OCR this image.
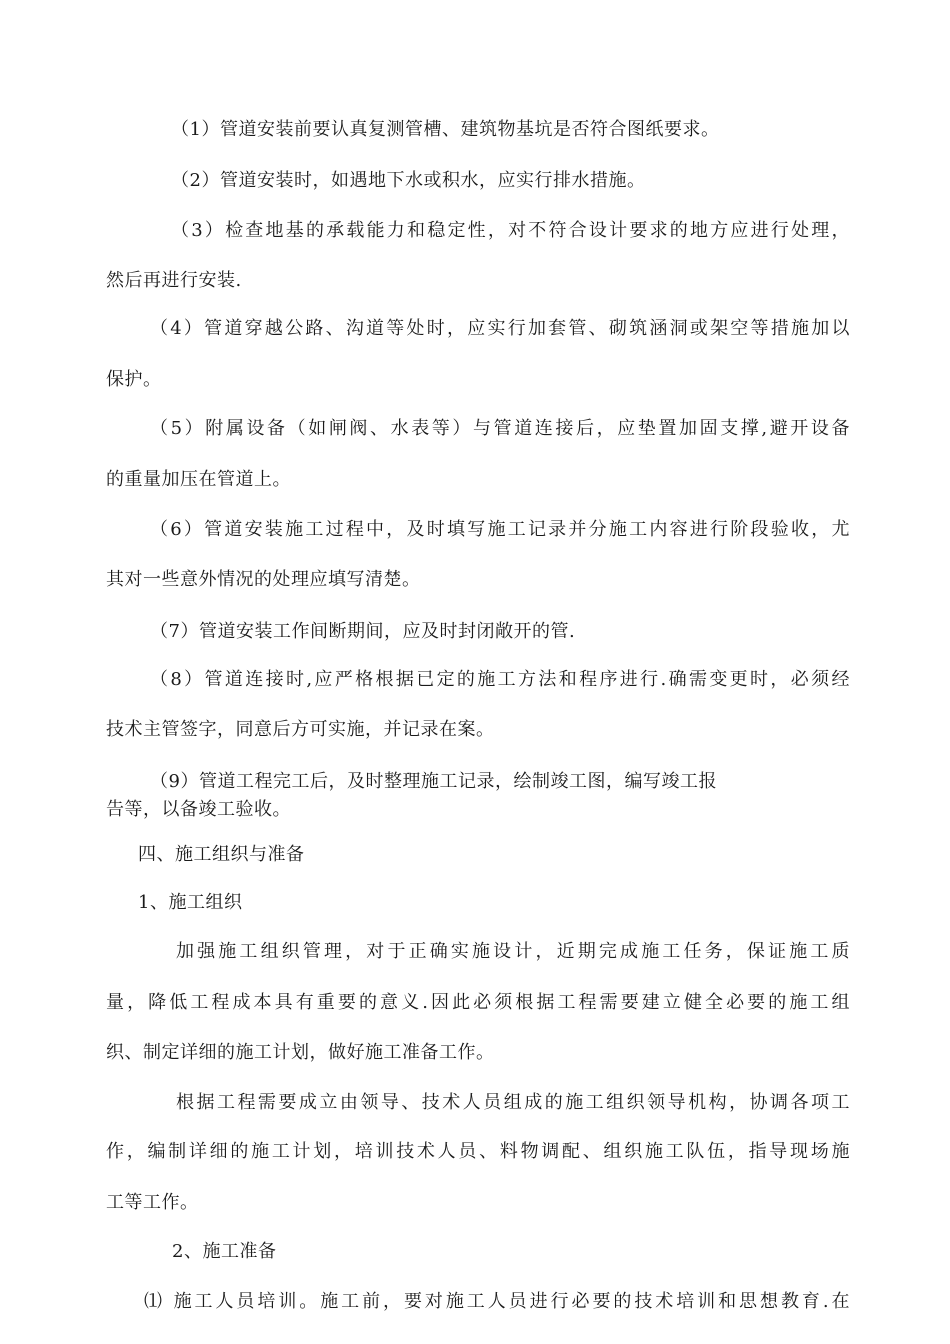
（1）管道安装前要认真复测管槽、建筑物基坑是否符合图纸要求。
（2）管道安装时，如遇地下水或积水，应实行排水措施。
（3）检查地基的承载能力和稳定性，对不符合设计要求的地方应进行处理，
然后再进行安装.
（4）管道穿越公路、沟道等处时，应实行加套管、砌筑涵洞或架空等措施加以
保护。
（5）附属设备（如闸阀、水表等）与管道连接后，应垫置加固支撑,避开设备
的重量加压在管道上。
（6）管道安装施工过程中，及时填写施工记录并分施工内容进行阶段验收，尤
其对一些意外情况的处理应填写清楚。
（7）管道安装工作间断期间，应及时封闭敞开的管.
（8）管道连接时,应严格根据已定的施工方法和程序进行.确需变更时，必须经
技术主管签字，同意后方可实施，并记录在案。
（9）管道工程完工后，及时整理施工记录，绘制竣工图，编写竣工报
告等，以备竣工验收。
四、施工组织与准备
1、施工组织
加强施工组织管理，对于正确实施设计，近期完成施工任务，保证施工质
量，降低工程成本具有重要的意义.因此必须根据工程需要建立健全必要的施工组
织、制定详细的施工计划，做好施工准备工作。
根据工程需要成立由领导、技术人员组成的施工组织领导机构，协调各项工
作，编制详细的施工计划，培训技术人员、料物调配、组织施工队伍，指导现场施
工等工作。
2、施工准备
⑴ 施工人员培训。施工前，要对施工人员进行必要的技术培训和思想教育.在
